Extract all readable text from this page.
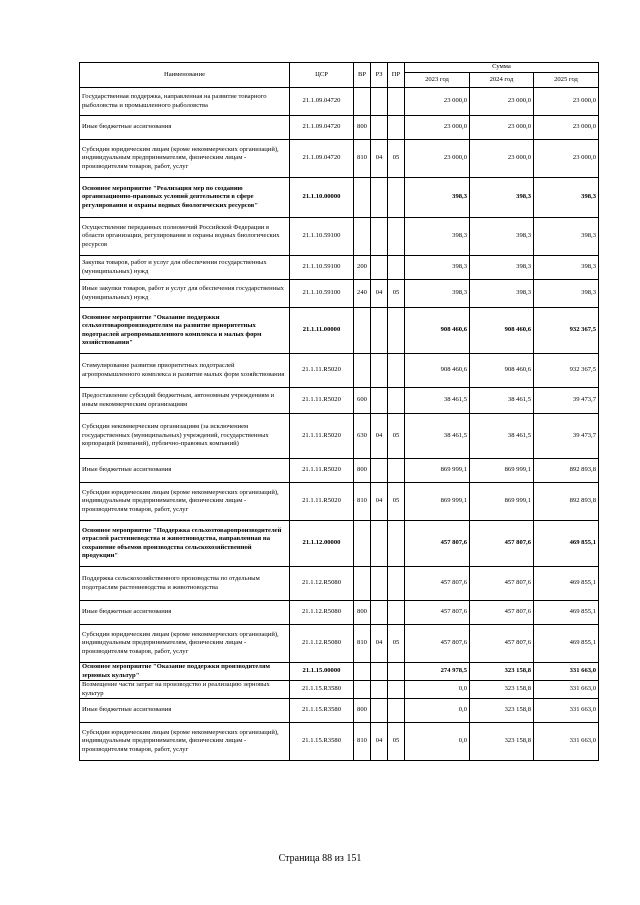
Наименование	ЦСР	ВР	РЗ	ПР	Сумма		
					2023 год	2024 год	2025 год
Государственная поддержка, направленная на развитие товарного рыболовства и промышленного рыболовства	21.1.09.04720				23 000,0	23 000,0	23 000,0
Иные бюджетные ассигнования	21.1.09.04720	800			23 000,0	23 000,0	23 000,0
Субсидии юридическим лицам (кроме некоммерческих организаций), индивидуальным предпринимателям, физическим лицам - производителям товаров, работ, услуг	21.1.09.04720	810	04	05	23 000,0	23 000,0	23 000,0
Основное мероприятие "Реализация мер по созданию организационно-правовых условий деятельности в сфере регулирования и охраны водных биологических ресурсов"	21.1.10.00000				398,3	398,3	398,3
Осуществление переданных полномочий Российской Федерации в области организации, регулирования и охраны водных биологических ресурсов	21.1.10.59100				398,3	398,3	398,3
Закупка товаров, работ и услуг для обеспечения государственных (муниципальных) нужд	21.1.10.59100	200			398,3	398,3	398,3
Иные закупки товаров, работ и услуг для обеспечения государственных (муниципальных) нужд	21.1.10.59100	240	04	05	398,3	398,3	398,3
Основное мероприятие "Оказание поддержки сельхозтоваропроизводителям на развитие приоритетных подотраслей агропромышленного комплекса и малых форм хозяйствования"	21.1.11.00000				908 460,6	908 460,6	932 367,5
Стимулирование развития приоритетных подотраслей агропромышленного комплекса и развитие малых форм хозяйствования	21.1.11.R5020				908 460,6	908 460,6	932 367,5
Предоставление субсидий бюджетным, автономным учреждениям и иным некоммерческим организациям	21.1.11.R5020	600			38 461,5	38 461,5	39 473,7
Субсидии некоммерческим организациям (за исключением государственных (муниципальных) учреждений, государственных корпораций (компаний), публично-правовых компаний)	21.1.11.R5020	630	04	05	38 461,5	38 461,5	39 473,7
Иные бюджетные ассигнования	21.1.11.R5020	800			869 999,1	869 999,1	892 893,8
Субсидии юридическим лицам (кроме некоммерческих организаций), индивидуальным предпринимателям, физическим лицам - производителям товаров, работ, услуг	21.1.11.R5020	810	04	05	869 999,1	869 999,1	892 893,8
Основное мероприятие "Поддержка сельхозтоваропроизводителей отраслей растениеводства и животноводства, направленная на сохранение объемов производства сельскохозяйственной продукции"	21.1.12.00000				457 807,6	457 807,6	469 855,1
Поддержка сельскохозяйственного производства по отдельным подотраслям растениеводства и животноводства	21.1.12.R5080				457 807,6	457 807,6	469 855,1
Иные бюджетные ассигнования	21.1.12.R5080	800			457 807,6	457 807,6	469 855,1
Субсидии юридическим лицам (кроме некоммерческих организаций), индивидуальным предпринимателям, физическим лицам - производителям товаров, работ, услуг	21.1.12.R5080	810	04	05	457 807,6	457 807,6	469 855,1
Основное мероприятие "Оказание поддержки производителям зерновых культур"	21.1.15.00000				274 978,5	323 158,8	331 663,0
Возмещение части затрат на производство и реализацию зерновых культур	21.1.15.R3580				0,0	323 158,8	331 663,0
Иные бюджетные ассигнования	21.1.15.R3580	800			0,0	323 158,8	331 663,0
Субсидии юридическим лицам (кроме некоммерческих организаций), индивидуальным предпринимателям, физическим лицам - производителям товаров, работ, услуг	21.1.15.R3580	810	04	05	0,0	323 158,8	331 663,0
Страница 88 из 151
